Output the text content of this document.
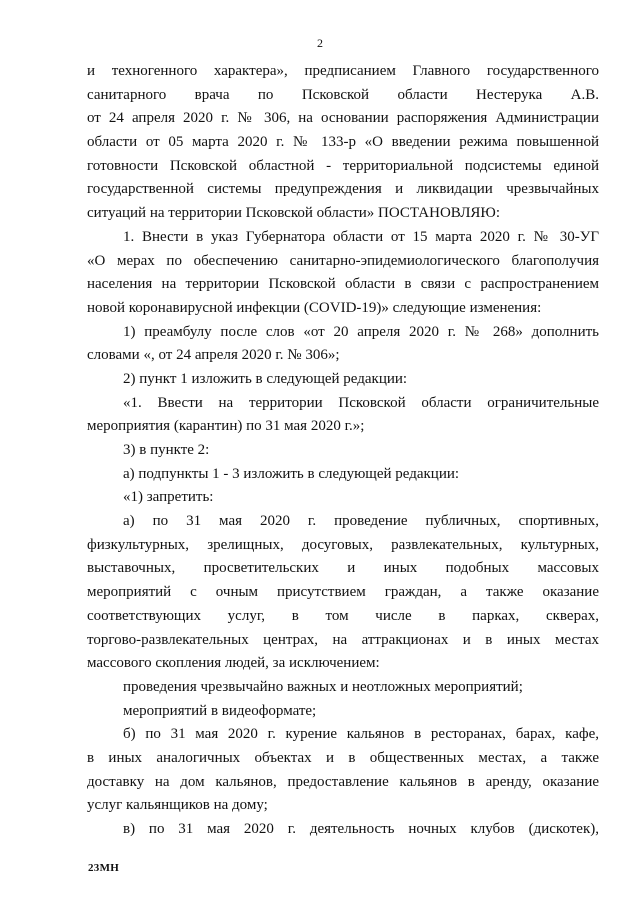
2
и техногенного характера», предписанием Главного государственного
санитарного врача по Псковской области Нестерука А.В.
от 24 апреля 2020 г. № 306, на основании распоряжения Администрации
области от 05 марта 2020 г. № 133-р «О введении режима повышенной
готовности Псковской областной - территориальной подсистемы единой
государственной системы предупреждения и ликвидации чрезвычайных
ситуаций на территории Псковской области» ПОСТАНОВЛЯЮ:
1. Внести в указ Губернатора области от 15 марта 2020 г. № 30-УГ
«О мерах по обеспечению санитарно-эпидемиологического благополучия
населения на территории Псковской области в связи с распространением
новой коронавирусной инфекции (COVID-19)» следующие изменения:
1) преамбулу после слов «от 20 апреля 2020 г. № 268» дополнить
словами «, от 24 апреля 2020 г. № 306»;
2) пункт 1 изложить в следующей редакции:
«1. Ввести на территории Псковской области ограничительные
мероприятия (карантин) по 31 мая 2020 г.»;
3) в пункте 2:
а) подпункты 1 - 3 изложить в следующей редакции:
«1) запретить:
а) по 31 мая 2020 г. проведение публичных, спортивных,
физкультурных, зрелищных, досуговых, развлекательных, культурных,
выставочных, просветительских и иных подобных массовых
мероприятий с очным присутствием граждан, а также оказание
соответствующих услуг, в том числе в парках, скверах,
торгово-развлекательных центрах, на аттракционах и в иных местах
массового скопления людей, за исключением:
проведения чрезвычайно важных и неотложных мероприятий;
мероприятий в видеоформате;
б) по 31 мая 2020 г. курение кальянов в ресторанах, барах, кафе,
в иных аналогичных объектах и в общественных местах, а также
доставку на дом кальянов, предоставление кальянов в аренду, оказание
услуг кальянщиков на дому;
в) по 31 мая 2020 г. деятельность ночных клубов (дискотек),
23МН
